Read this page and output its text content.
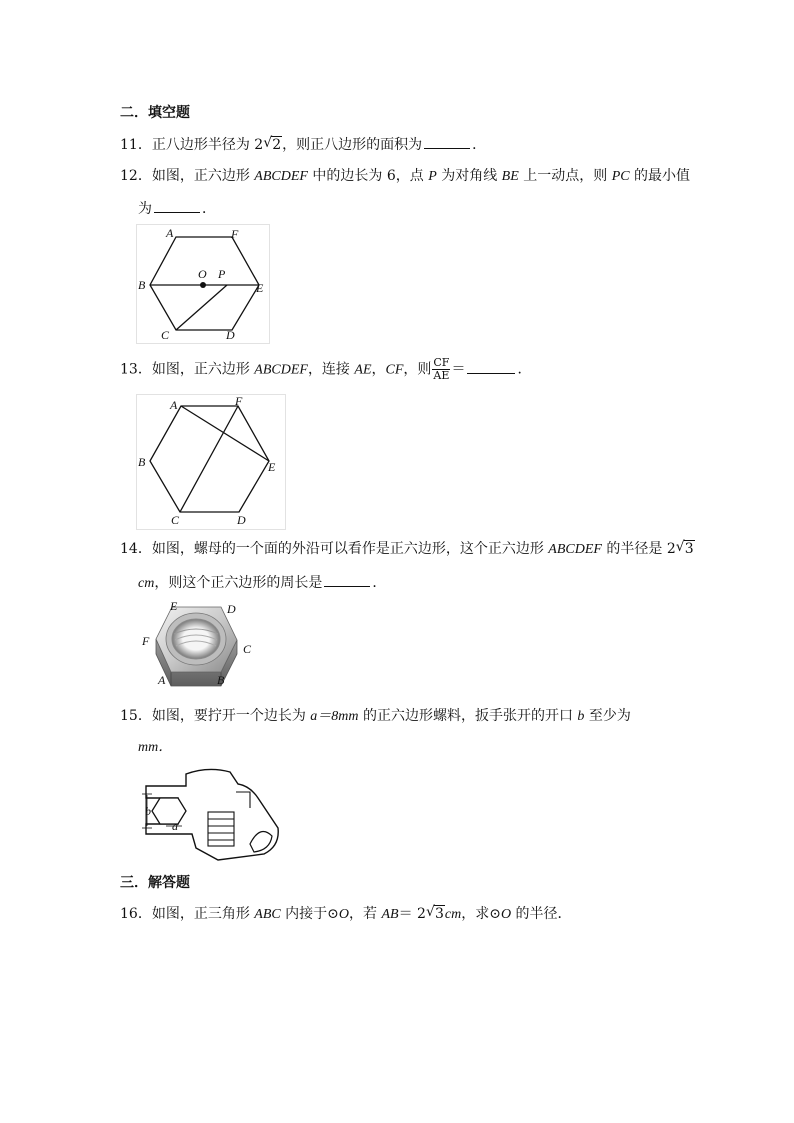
二．填空题
11．正八边形半径为 2 √ 2，则正八边形的面积为	．
12．如图，正六边形 ABCDEF 中的边长为 6，点 P 为对角线 BE 上一动点，则 PC 的最小值
为	．
A	F
B
O P
E
C	D
13．如图，正六边形 ABCDEF，连接 AE，CF，则 $\frac{CF}{AE}$ ＝	．
A	F
B	E
C	D
14．如图，螺母的一个面的外沿可以看作是正六边形，这个正六边形 ABCDEF 的半径是 2 √ 3
cm，则这个正六边形的周长是	．
E	D
F
C
A	B
15．如图，要拧开一个边长为 a＝8mm 的正六边形螺料，扳手张开的开口 b 至少为
mm．
b
a
三．解答题
16．如图，正三角形 ABC 内接于⊙O，若 AB＝ 2 √ 3cm，求⊙O 的半径．
